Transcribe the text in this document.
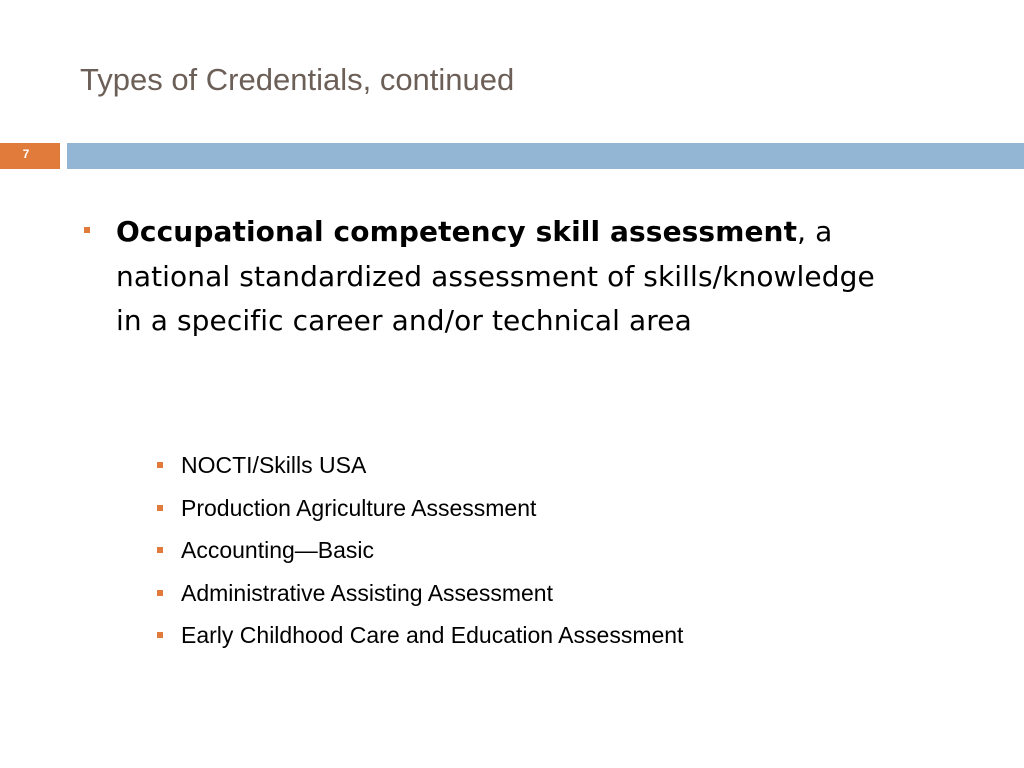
Types of Credentials, continued
7
Occupational competency skill assessment, a national standardized assessment of skills/knowledge in a specific career and/or technical area
NOCTI/Skills USA
Production Agriculture Assessment
Accounting—Basic
Administrative Assisting Assessment
Early Childhood Care and Education Assessment
